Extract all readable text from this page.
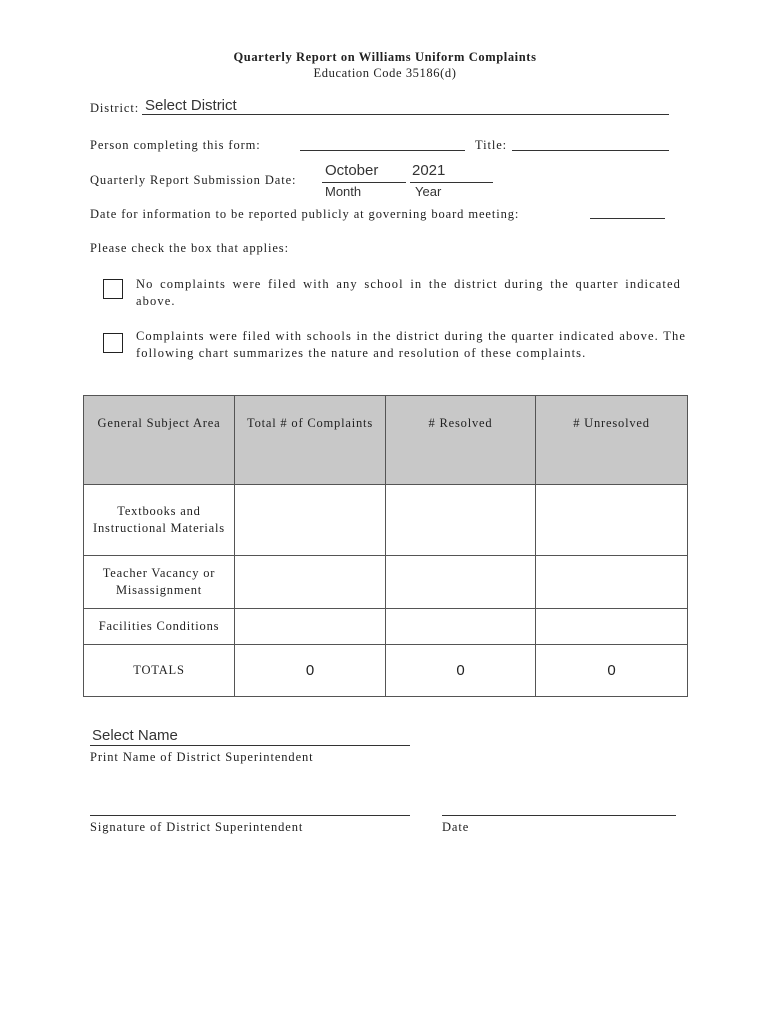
Quarterly Report on Williams Uniform Complaints
Education Code 35186(d)
District: Select District
Person completing this form:	Title:
Quarterly Report Submission Date:
October
Month
2021
Year
Date for information to be reported publicly at governing board meeting:
Please check the box that applies:
No complaints were filed with any school in the district during the quarter indicated above.
Complaints were filed with schools in the district during the quarter indicated above. The following chart summarizes the nature and resolution of these complaints.
General Subject Area	Total # of Complaints	# Resolved	# Unresolved
Textbooks and Instructional Materials			
Teacher Vacancy or Misassignment			
Facilities Conditions			
TOTALS	0	0	0
Select Name
Print Name of District Superintendent
Signature of District Superintendent	Date
